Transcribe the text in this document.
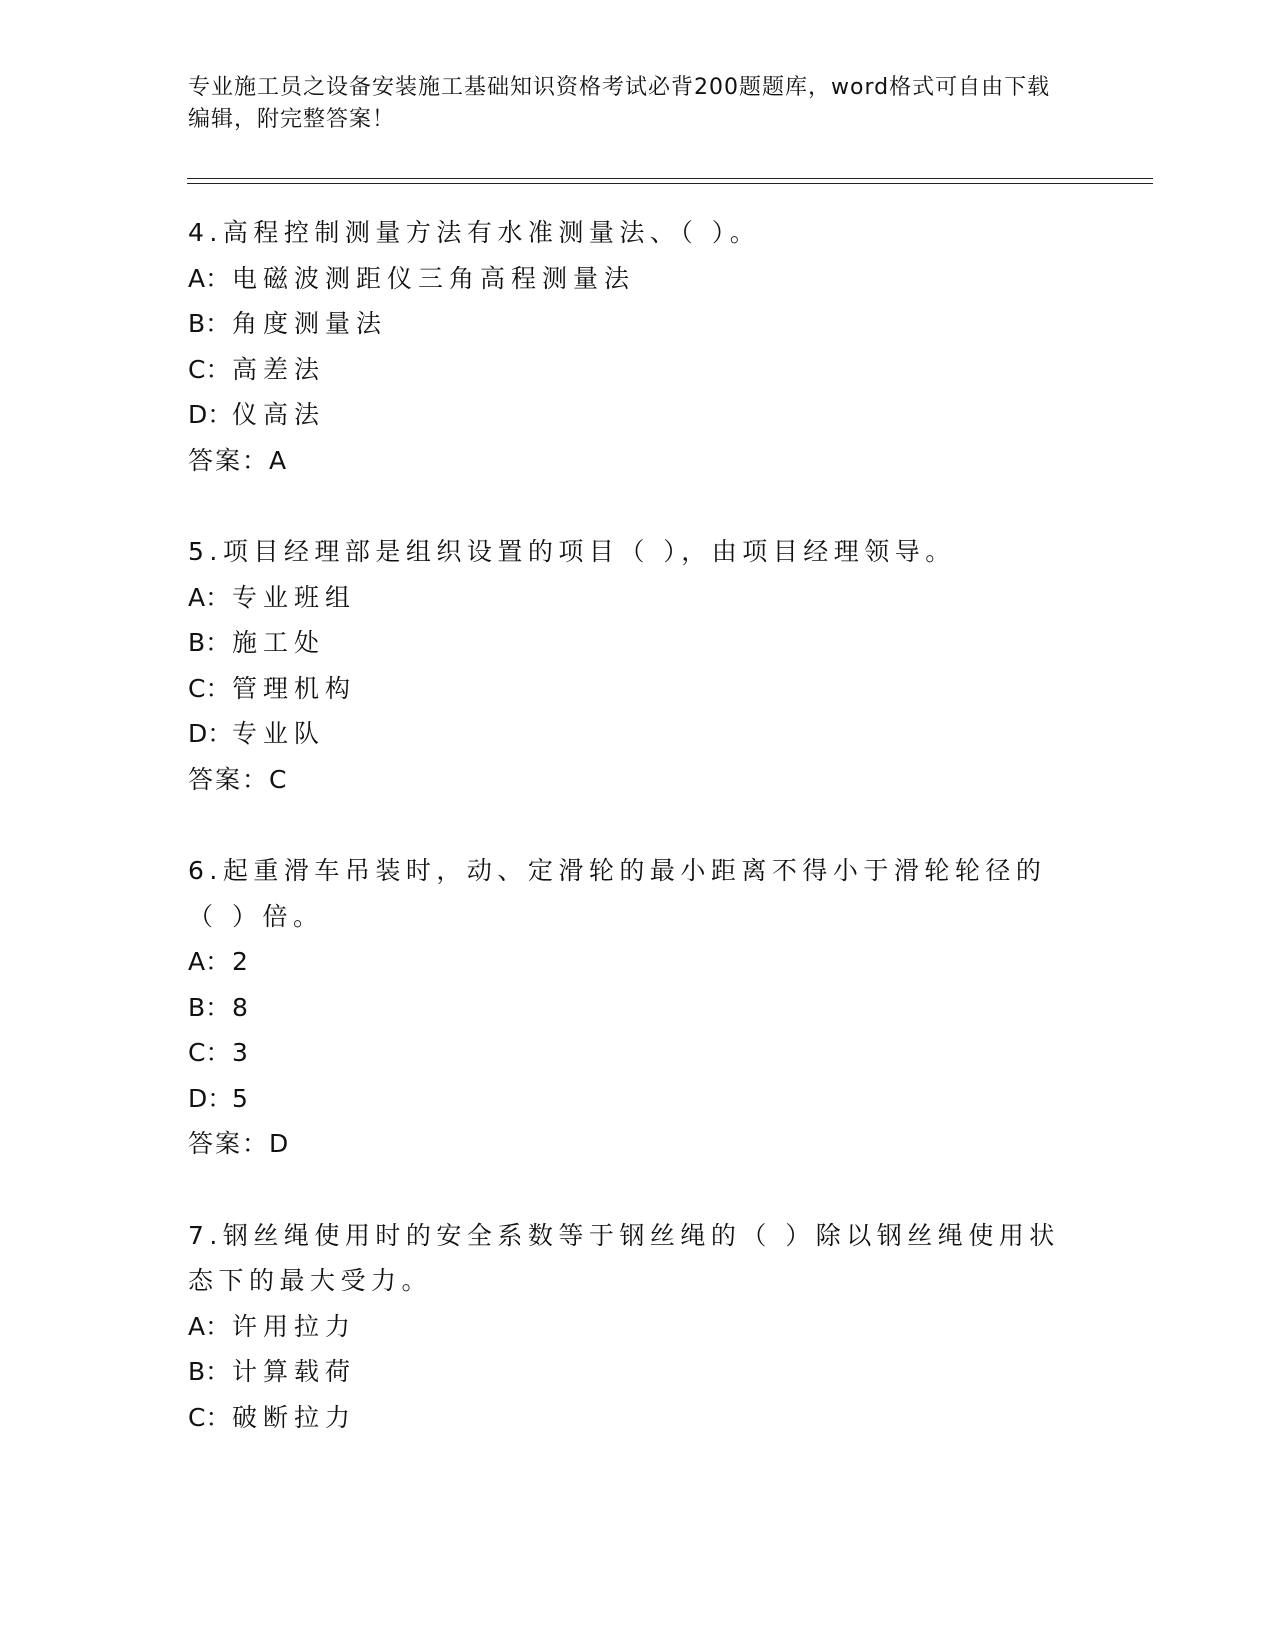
专业施工员之设备安装施工基础知识资格考试必背200题题库，word格式可自由下载编辑，附完整答案！
4.高程控制测量方法有水准测量法、（ ）。
A：电磁波测距仪三角高程测量法
B：角度测量法
C：高差法
D：仪高法
答案：A
5.项目经理部是组织设置的项目（ ），由项目经理领导。
A：专业班组
B：施工处
C：管理机构
D：专业队
答案：C
6.起重滑车吊装时，动、定滑轮的最小距离不得小于滑轮轮径的（ ）倍。
A：2
B：8
C：3
D：5
答案：D
7.钢丝绳使用时的安全系数等于钢丝绳的（ ）除以钢丝绳使用状态下的最大受力。
A：许用拉力
B：计算载荷
C：破断拉力
